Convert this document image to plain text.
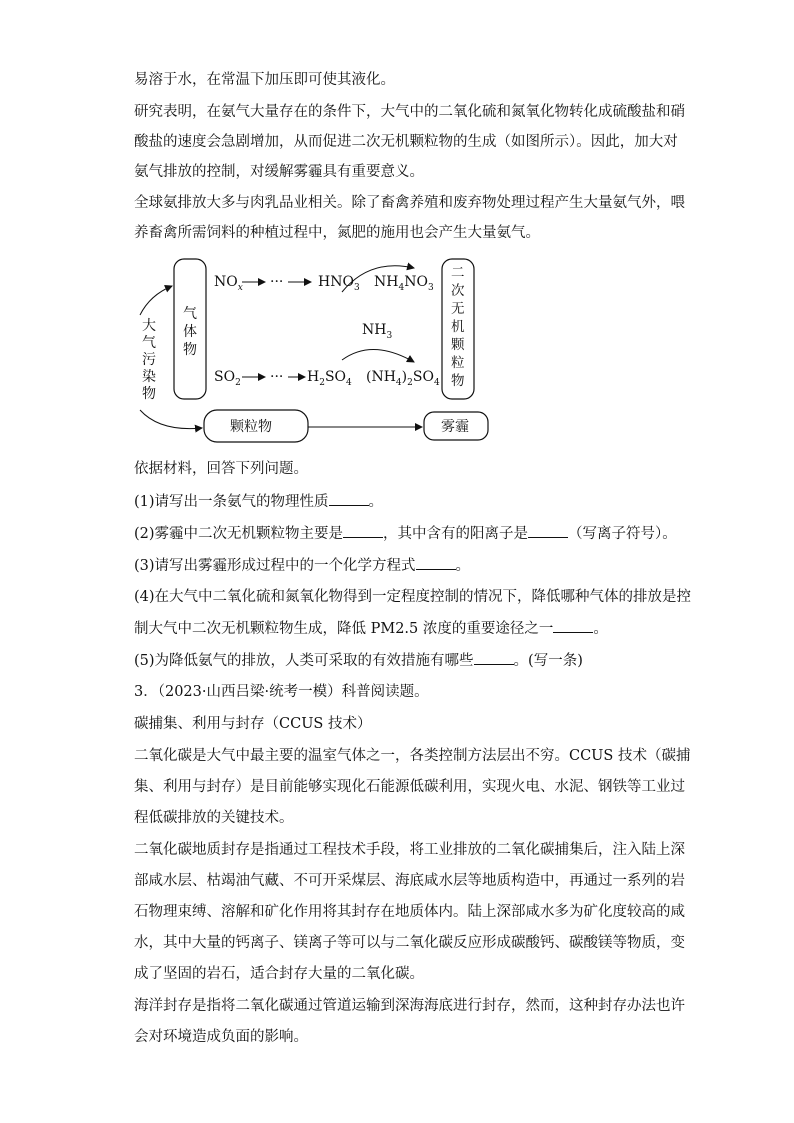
易溶于水，在常温下加压即可使其液化。
研究表明，在氨气大量存在的条件下，大气中的二氧化硫和氮氧化物转化成硫酸盐和硝
酸盐的速度会急剧增加，从而促进二次无机颗粒物的生成（如图所示）。因此，加大对
氨气排放的控制，对缓解雾霾具有重要意义。
全球氨排放大多与肉乳品业相关。除了畜禽养殖和废弃物处理过程产生大量氨气外，喂
养畜禽所需饲料的种植过程中，氮肥的施用也会产生大量氨气。
大
气
污
染
物
气
体
物
二
次
无
机
颗
粒
物
颗粒物	雾霾
$NO_x$ ··· $HNO_3$ $NH_4NO_3$
$NH_3$
$SO_2$ ··· $H_2SO_4$ $(NH_4)_2SO_4$
依据材料，回答下列问题。
(1)请写出一条氨气的物理性质	。
(2)雾霾中二次无机颗粒物主要是	，其中含有的阳离子是	（写离子符号）。
(3)请写出雾霾形成过程中的一个化学方程式	。
(4)在大气中二氧化硫和氮氧化物得到一定程度控制的情况下，降低哪种气体的排放是控
制大气中二次无机颗粒物生成，降低 PM2.5 浓度的重要途径之一	。
(5)为降低氨气的排放，人类可采取的有效措施有哪些	。(写一条)
3．（2023·山西吕梁·统考一模）科普阅读题。
碳捕集、利用与封存（CCUS 技术）
二氧化碳是大气中最主要的温室气体之一，各类控制方法层出不穷。CCUS 技术（碳捕
集、利用与封存）是目前能够实现化石能源低碳利用，实现火电、水泥、钢铁等工业过
程低碳排放的关键技术。
二氧化碳地质封存是指通过工程技术手段，将工业排放的二氧化碳捕集后，注入陆上深
部咸水层、枯竭油气藏、不可开采煤层、海底咸水层等地质构造中，再通过一系列的岩
石物理束缚、溶解和矿化作用将其封存在地质体内。陆上深部咸水多为矿化度较高的咸
水，其中大量的钙离子、镁离子等可以与二氧化碳反应形成碳酸钙、碳酸镁等物质，变
成了坚固的岩石，适合封存大量的二氧化碳。
海洋封存是指将二氧化碳通过管道运输到深海海底进行封存，然而，这种封存办法也许
会对环境造成负面的影响。
